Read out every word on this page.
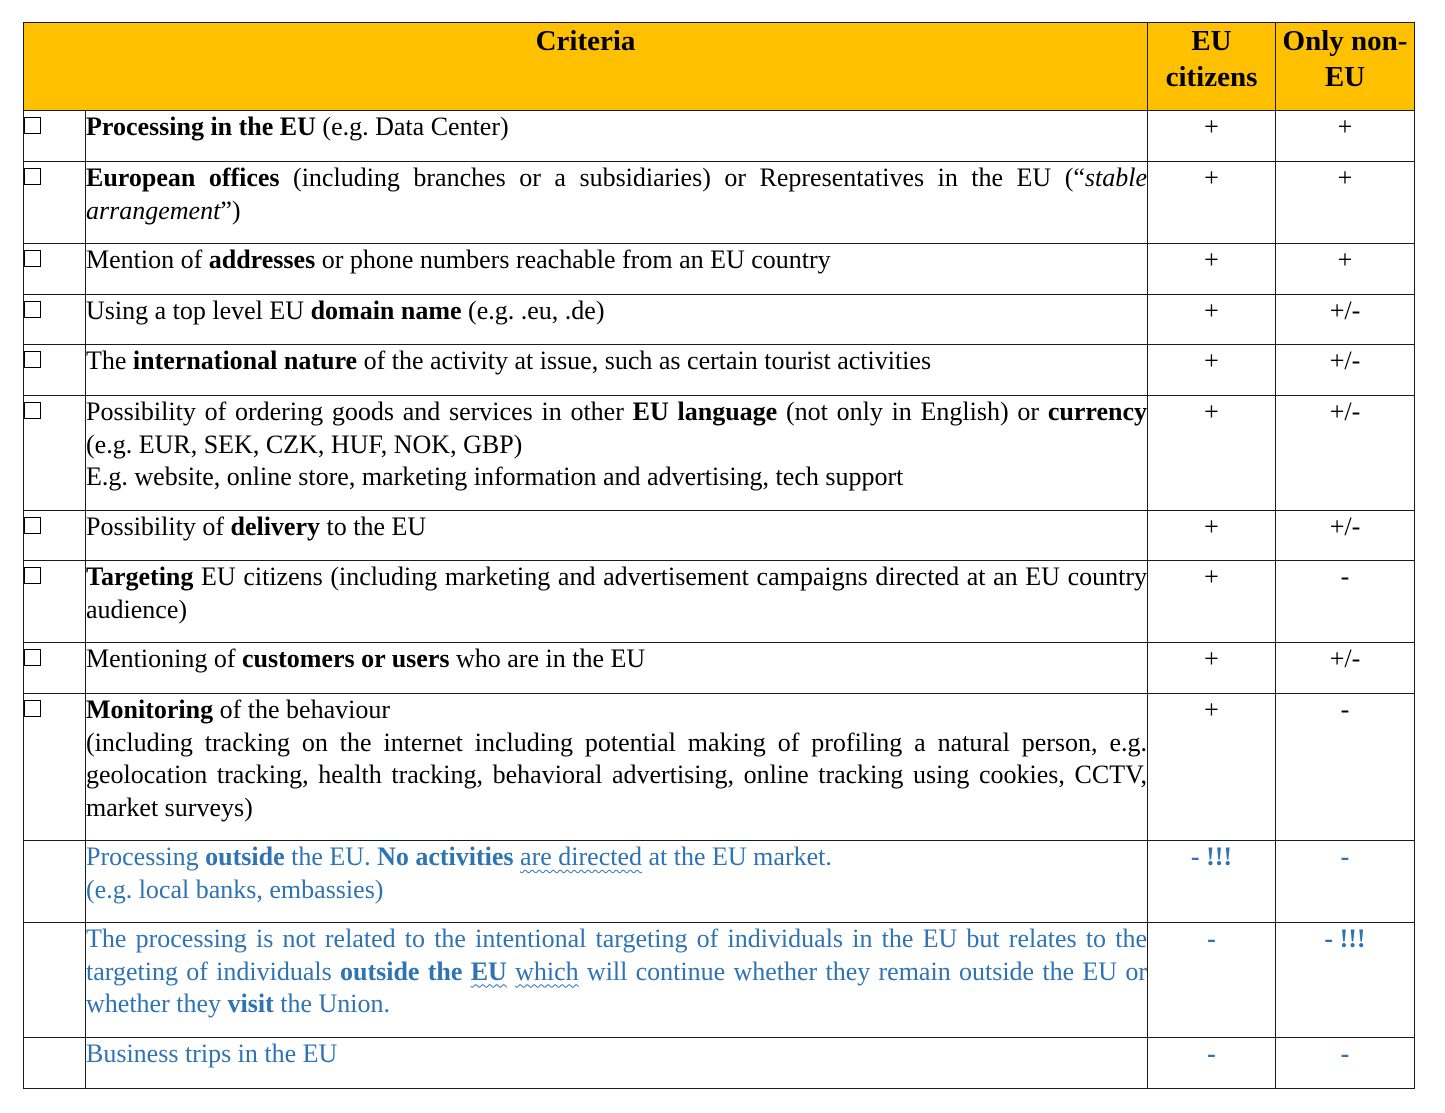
Criteria		EU citizens	Only non-EU
	Processing in the EU (e.g. Data Center)	+	+
	European offices (including branches or a subsidiaries) or Representatives in the EU (“stable arrangement”)	+	+
	Mention of addresses or phone numbers reachable from an EU country	+	+
	Using a top level EU domain name (e.g. .eu, .de)	+	+/-
	The international nature of the activity at issue, such as certain tourist activities	+	+/-
	Possibility of ordering goods and services in other EU language (not only in English) or currency (e.g. EUR, SEK, CZK, HUF, NOK, GBP)
E.g. website, online store, marketing information and advertising, tech support	+	+/-
	Possibility of delivery to the EU	+	+/-
	Targeting EU citizens (including marketing and advertisement campaigns directed at an EU country audience)	+	-
	Mentioning of customers or users who are in the EU	+	+/-
	Monitoring of the behaviour
(including tracking on the internet including potential making of profiling a natural person, e.g. geolocation tracking, health tracking, behavioral advertising, online tracking using cookies, CCTV, market surveys)	+	-
	Processing outside the EU. No activities are directed at the EU market.
(e.g. local banks, embassies)	- !!!	-
	The processing is not related to the intentional targeting of individuals in the EU but relates to the targeting of individuals outside the EU which will continue whether they remain outside the EU or whether they visit the Union.	-	- !!!
	Business trips in the EU	-	-
